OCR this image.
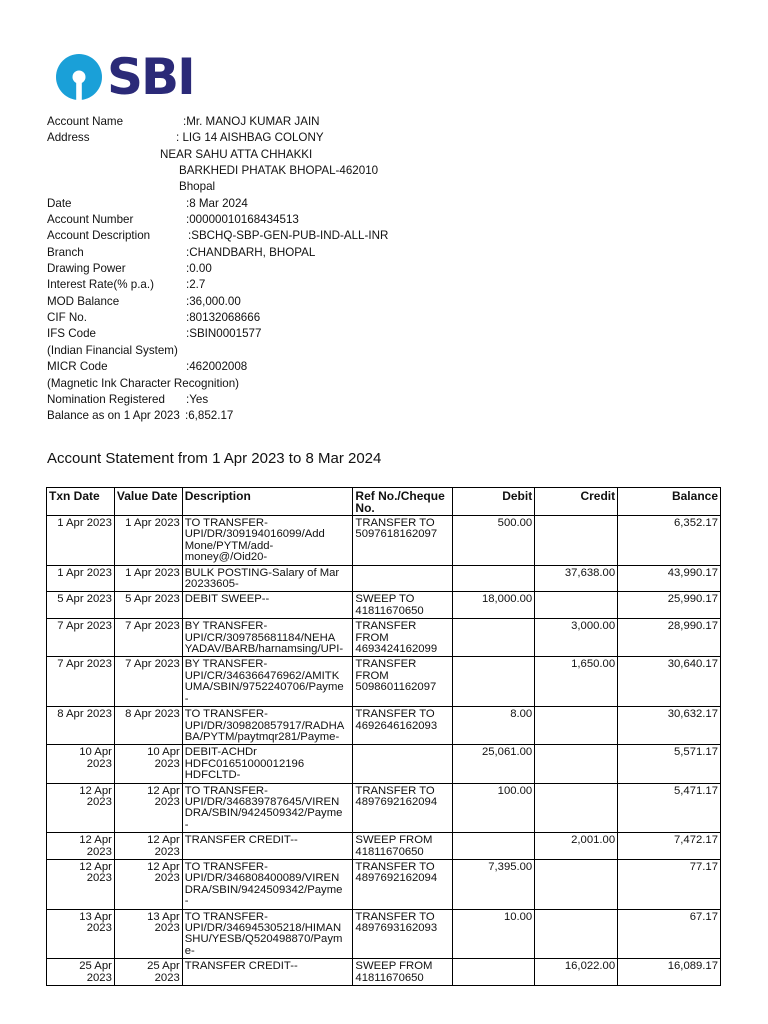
SBI
Account Name	:Mr. MANOJ KUMAR JAIN
Address	: LIG 14 AISHBAG COLONY
NEAR SAHU ATTA CHHAKKI
BARKHEDI PHATAK BHOPAL-462010
Bhopal
Date	:8 Mar 2024
Account Number	:00000010168434513
Account Description	:SBCHQ-SBP-GEN-PUB-IND-ALL-INR
Branch	:CHANDBARH, BHOPAL
Drawing Power	:0.00
Interest Rate(% p.a.)	:2.7
MOD Balance	:36,000.00
CIF No.	:80132068666
IFS Code	:SBIN0001577
(Indian Financial System)
MICR Code	:462002008
(Magnetic Ink Character Recognition)
Nomination Registered :Yes
Balance as on 1 Apr 2023 :6,852.17
Account Statement from 1 Apr 2023 to 8 Mar 2024
Txn Date	Value Date	Description	Ref No./Cheque No.	Debit	Credit	Balance
1 Apr 2023	1 Apr 2023	TO TRANSFER-
UPI/DR/309194016099/Add
Mone/PYTM/add-
money@/Oid20-	TRANSFER TO
5097618162097	500.00		6,352.17
1 Apr 2023	1 Apr 2023	BULK POSTING-Salary of Mar
20233605-			37,638.00	43,990.17
5 Apr 2023	5 Apr 2023	DEBIT SWEEP--	SWEEP TO
41811670650	18,000.00		25,990.17
7 Apr 2023	7 Apr 2023	BY TRANSFER-
UPI/CR/309785681184/NEHA
YADAV/BARB/harnamsing/UPI-	TRANSFER
FROM
4693424162099		3,000.00	28,990.17
7 Apr 2023	7 Apr 2023	BY TRANSFER-
UPI/CR/346366476962/AMITK
UMA/SBIN/9752240706/Payme
-	TRANSFER
FROM
5098601162097		1,650.00	30,640.17
8 Apr 2023	8 Apr 2023	TO TRANSFER-
UPI/DR/309820857917/RADHA
BA/PYTM/paytmqr281/Payme-	TRANSFER TO
4692646162093	8.00		30,632.17

10 Apr
2023	10 Apr
2023	DEBIT-ACHDr
HDFC01651000012196
HDFCLTD-		25,061.00		5,571.17

12 Apr
2023	12 Apr
2023	TO TRANSFER-
UPI/DR/346839787645/VIREN
DRA/SBIN/9424509342/Payme
-	TRANSFER TO
4897692162094	100.00		5,471.17

12 Apr
2023	12 Apr
2023	TRANSFER CREDIT--	SWEEP FROM
41811670650		2,001.00	7,472.17

12 Apr
2023	12 Apr
2023	TO TRANSFER-
UPI/DR/346808400089/VIREN
DRA/SBIN/9424509342/Payme
-	TRANSFER TO
4897692162094	7,395.00		77.17

13 Apr
2023	13 Apr
2023	TO TRANSFER-
UPI/DR/346945305218/HIMAN
SHU/YESB/Q520498870/Paym
e-	TRANSFER TO
4897693162093	10.00		67.17

25 Apr
2023	25 Apr
2023	TRANSFER CREDIT--	SWEEP FROM
41811670650		16,022.00	16,089.17
